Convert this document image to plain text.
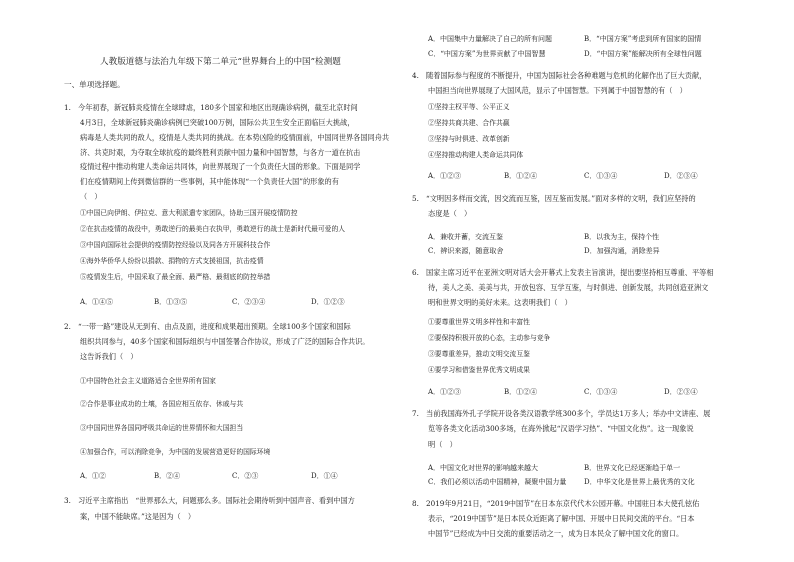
人教版道德与法治九年级下第二单元“世界舞台上的中国”检测题
一、单项选择题。
1.　今年初春，新冠肺炎疫情在全球肆虐，180多个国家和地区出现确诊病例，截至北京时间
4月3日，全球新冠肺炎确诊病例已突破100万例，国际公共卫生安全正面临巨大挑战，
病毒是人类共同的敌人，疫情是人类共同的挑战。在本势凶险的疫情面前，中国同世界各国同舟共
济、共克时艰，为夺取全球抗疫的最终胜利贡献中国力量和中国智慧，与各方一道在抗击
疫情过程中推动构建人类命运共同体，向世界展现了一个负责任大国的形象。下面是同学
们在疫情期间上传到微信群的一些事例，其中能体现“一个负责任大国”的形象的有
（　）
①中国已向伊朗、伊拉克、意大利派遣专家团队，协助三国开展疫情防控
②在抗击疫情的战役中，勇敢逆行的最美白衣执甲，勇敢逆行的战士是新时代最可爱的人
③中国向国际社会提供的疫情防控经验以及同各方开展科技合作
④海外华侨华人纷纷以捐款、捐物的方式支援祖国，抗击疫情
⑤疫情发生后，中国采取了最全面、最严格、最彻底的防控举措
A．①④⑤	B．①③⑤	C．②③④	D．①②③
2.　“一带一路”建设从无到有、由点及面，进度和成果超出预期。全球100多个国家和国际
组织共同参与，40多个国家和国际组织与中国签署合作协议，形成了广泛的国际合作共识。
这告诉我们（　）
①中国特色社会主义道路适合全世界所有国家
②合作是事业成功的土壤，各国应相互依存、休戚与共
③中国同世界各国同呼吸共命运的世界情怀和大国担当
④加强合作，可以消除竞争，为中国的发展营造更好的国际环境
A．①②	B．②④	C．②③	D．①④
3.　习近平主席指出　“世界那么大，问题那么多。国际社会期待听到中国声音、看到中国方
案，中国不能缺席。”这是因为（　）
A．中国集中力量解决了自己的所有问题	B．“中国方案”考虑到所有国家的国情
C．“中国方案”为世界贡献了中国智慧	D．“中国方案”能解决所有全球性问题
4.　随着国际参与程度的不断提升，中国为国际社会各种难题与危机的化解作出了巨大贡献，
中国担当向世界展现了大国风范，显示了中国智慧。下列属于中国智慧的有（　）
①坚持主权平等、公平正义
②坚持共商共建、合作共赢
③坚持与时俱进、改革创新
④坚持推动构建人类命运共同体
A．①②③	B．①②④	C．①③④	D．②③④
5.　“文明因多样而交流，因交流而互鉴，因互鉴而发展。”面对多样的文明，我们应坚持的
态度是（　）
A．兼收并蓄，交流互鉴	B．以我为主，保持个性
C．辨识来源，随意取舍	D．加强沟通，消除差异
6.　国家主席习近平在亚洲文明对话大会开幕式上发表主旨演讲，提出要坚持相互尊重、平等相
待，美人之美、美美与共，开放包容、互学互鉴，与时俱进、创新发展，共同创造亚洲文
明和世界文明的美好未来。这表明我们（　）
①要尊重世界文明多样性和丰富性
②要保持积极开放的心态，主动参与竞争
③要尊重差异，推动文明交流互鉴
④要学习和借鉴世界优秀文明成果
A．①②③	B．①②④	C．①③④	D．②③④
7.　当前我国海外孔子学院开设各类汉语教学班300多个，学员达1万多人；举办中文讲座、展
览等各类文化活动300多场，在海外掀起“汉语学习热”、“中国文化热”。这一现象说
明（　）
A．中国文化对世界的影响越来越大	B．世界文化已经逐渐趋于单一
C．我们必须以活动中国精神，凝聚中国力量	D．中华文化是世界上最优秀的文化
8.　2019年9月21日，“2019中国节”在日本东京代代木公园开幕。中国驻日本大使孔铉佑
表示，“2019中国节”是日本民众近距离了解中国、开展中日民间交流的平台。“日本
中国节”已经成为中日交流的重要活动之一，成为日本民众了解中国文化的窗口。
